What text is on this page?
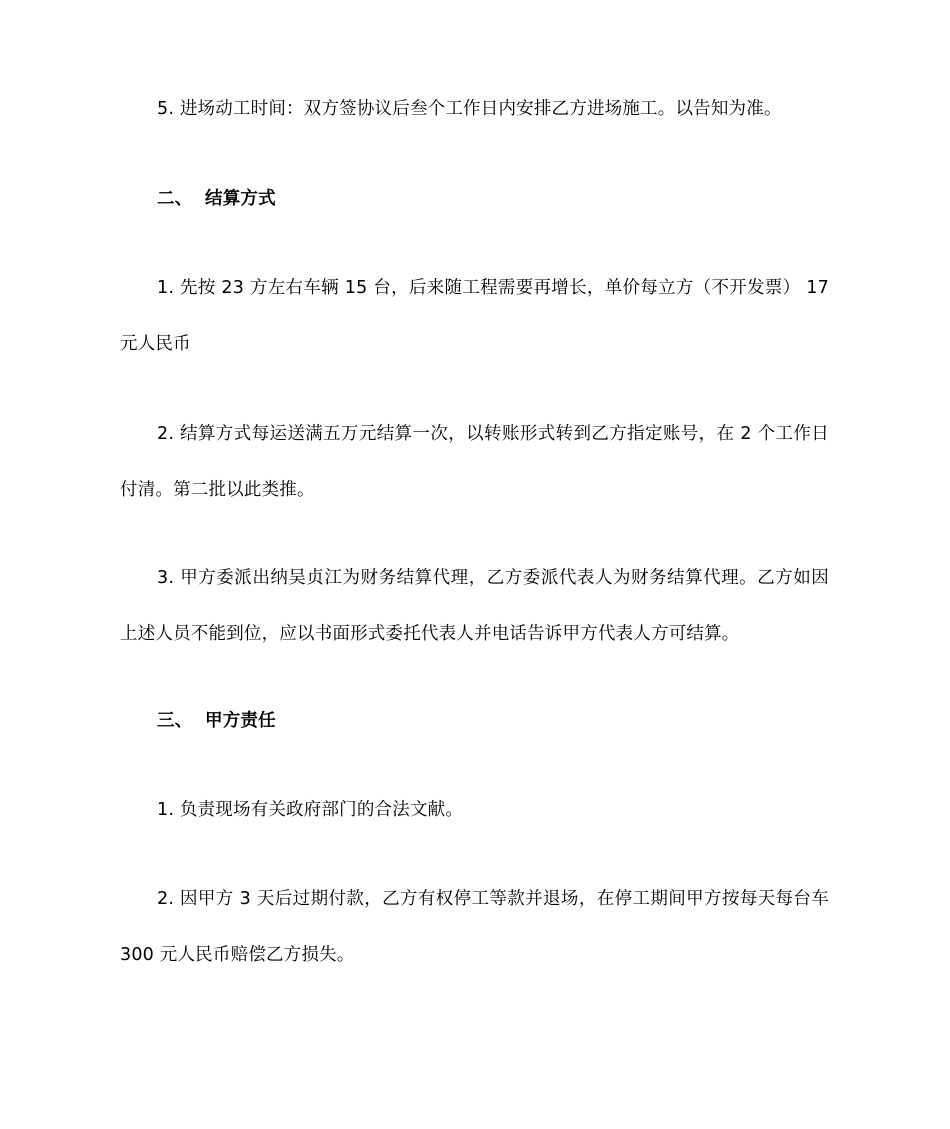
5. 进场动工时间：双方签协议后叁个工作日内安排乙方进场施工。以告知为准。
二、 结算方式
1. 先按 23 方左右车辆 15 台，后来随工程需要再增长，单价每立方（不开发票） 17
元人民币
2. 结算方式每运送满五万元结算一次，以转账形式转到乙方指定账号，在 2 个工作日
付清。第二批以此类推。
3. 甲方委派出纳吴贞江为财务结算代理，乙方委派代表人为财务结算代理。乙方如因
上述人员不能到位，应以书面形式委托代表人并电话告诉甲方代表人方可结算。
三、 甲方责任
1. 负责现场有关政府部门的合法文献。
2. 因甲方 3 天后过期付款，乙方有权停工等款并退场，在停工期间甲方按每天每台车
300 元人民币赔偿乙方损失。
